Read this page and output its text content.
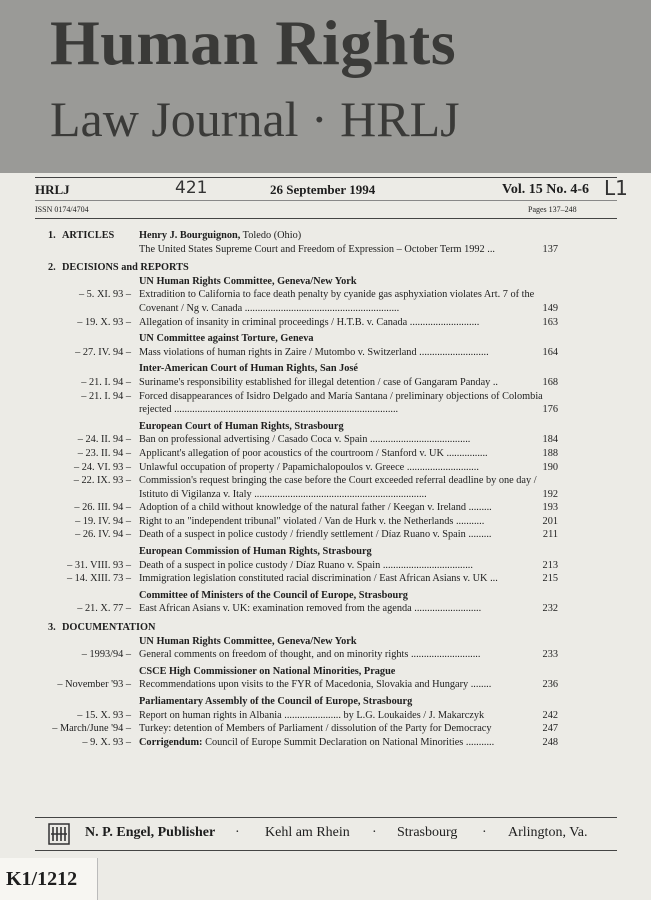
Human Rights
Law Journal · HRLJ
HRLJ	421	26 September 1994	Vol. 15 No. 4-6 L1
ISSN 0174/4704	Pages 137–248
1. ARTICLES Henry J. Bourguignon, Toledo (Ohio)
The United States Supreme Court and Freedom of Expression – October Term 1992 ...	137
2. DECISIONS and REPORTS
UN Human Rights Committee, Geneva/New York
– 5. XI. 93 – Extradition to California to face death penalty by cyanide gas asphyxiation violates Art. 7 of the Covenant / Ng v. Canada ............................................................	149
– 19. X. 93 – Allegation of insanity in criminal proceedings / H.T.B. v. Canada ...........................	163
UN Committee against Torture, Geneva
– 27. IV. 94 – Mass violations of human rights in Zaire / Mutombo v. Switzerland ...........................	164
Inter-American Court of Human Rights, San José
– 21. I. 94 – Suriname's responsibility established for illegal detention / case of Gangaram Panday ..	168
– 21. I. 94 – Forced disappearances of Isidro Delgado and María Santana / preliminary objections of Colombia rejected .......................................................................................	176
European Court of Human Rights, Strasbourg
– 24. II. 94 – Ban on professional advertising / Casado Coca v. Spain .......................................	184
– 23. II. 94 – Applicant's allegation of poor acoustics of the courtroom / Stanford v. UK ................	188
– 24. VI. 93 – Unlawful occupation of property / Papamichalopoulos v. Greece ............................	190
– 22. IX. 93 – Commission's request bringing the case before the Court exceeded referral deadline by one day / Istituto di Vigilanza v. Italy ...................................................................	192
– 26. III. 94 – Adoption of a child without knowledge of the natural father / Keegan v. Ireland .........	193
– 19. IV. 94 – Right to an "independent tribunal" violated / Van de Hurk v. the Netherlands ...........	201
– 26. IV. 94 – Death of a suspect in police custody / friendly settlement / Díaz Ruano v. Spain .........	211
European Commission of Human Rights, Strasbourg
– 31. VIII. 93 – Death of a suspect in police custody / Díaz Ruano v. Spain ...................................	213
– 14. XIII. 73 – Immigration legislation constituted racial discrimination / East African Asians v. UK ...	215
Committee of Ministers of the Council of Europe, Strasbourg
– 21. X. 77 – East African Asians v. UK: examination removed from the agenda ..........................	232
3. DOCUMENTATION
UN Human Rights Committee, Geneva/New York
– 1993/94 – General comments on freedom of thought, and on minority rights ...........................	233
CSCE High Commissioner on National Minorities, Prague
– November '93 – Recommendations upon visits to the FYR of Macedonia, Slovakia and Hungary ........	236
Parliamentary Assembly of the Council of Europe, Strasbourg
– 15. X. 93 – Report on human rights in Albania ...................... by L.G. Loukaides / J. Makarczyk	242
– March/June '94 – Turkey: detention of Members of Parliament / dissolution of the Party for Democracy	247
– 9. X. 93 – Corrigendum: Council of Europe Summit Declaration on National Minorities ...........	248
N. P. Engel, Publisher · Kehl am Rhein · Strasbourg · Arlington, Va.
K1/1212
